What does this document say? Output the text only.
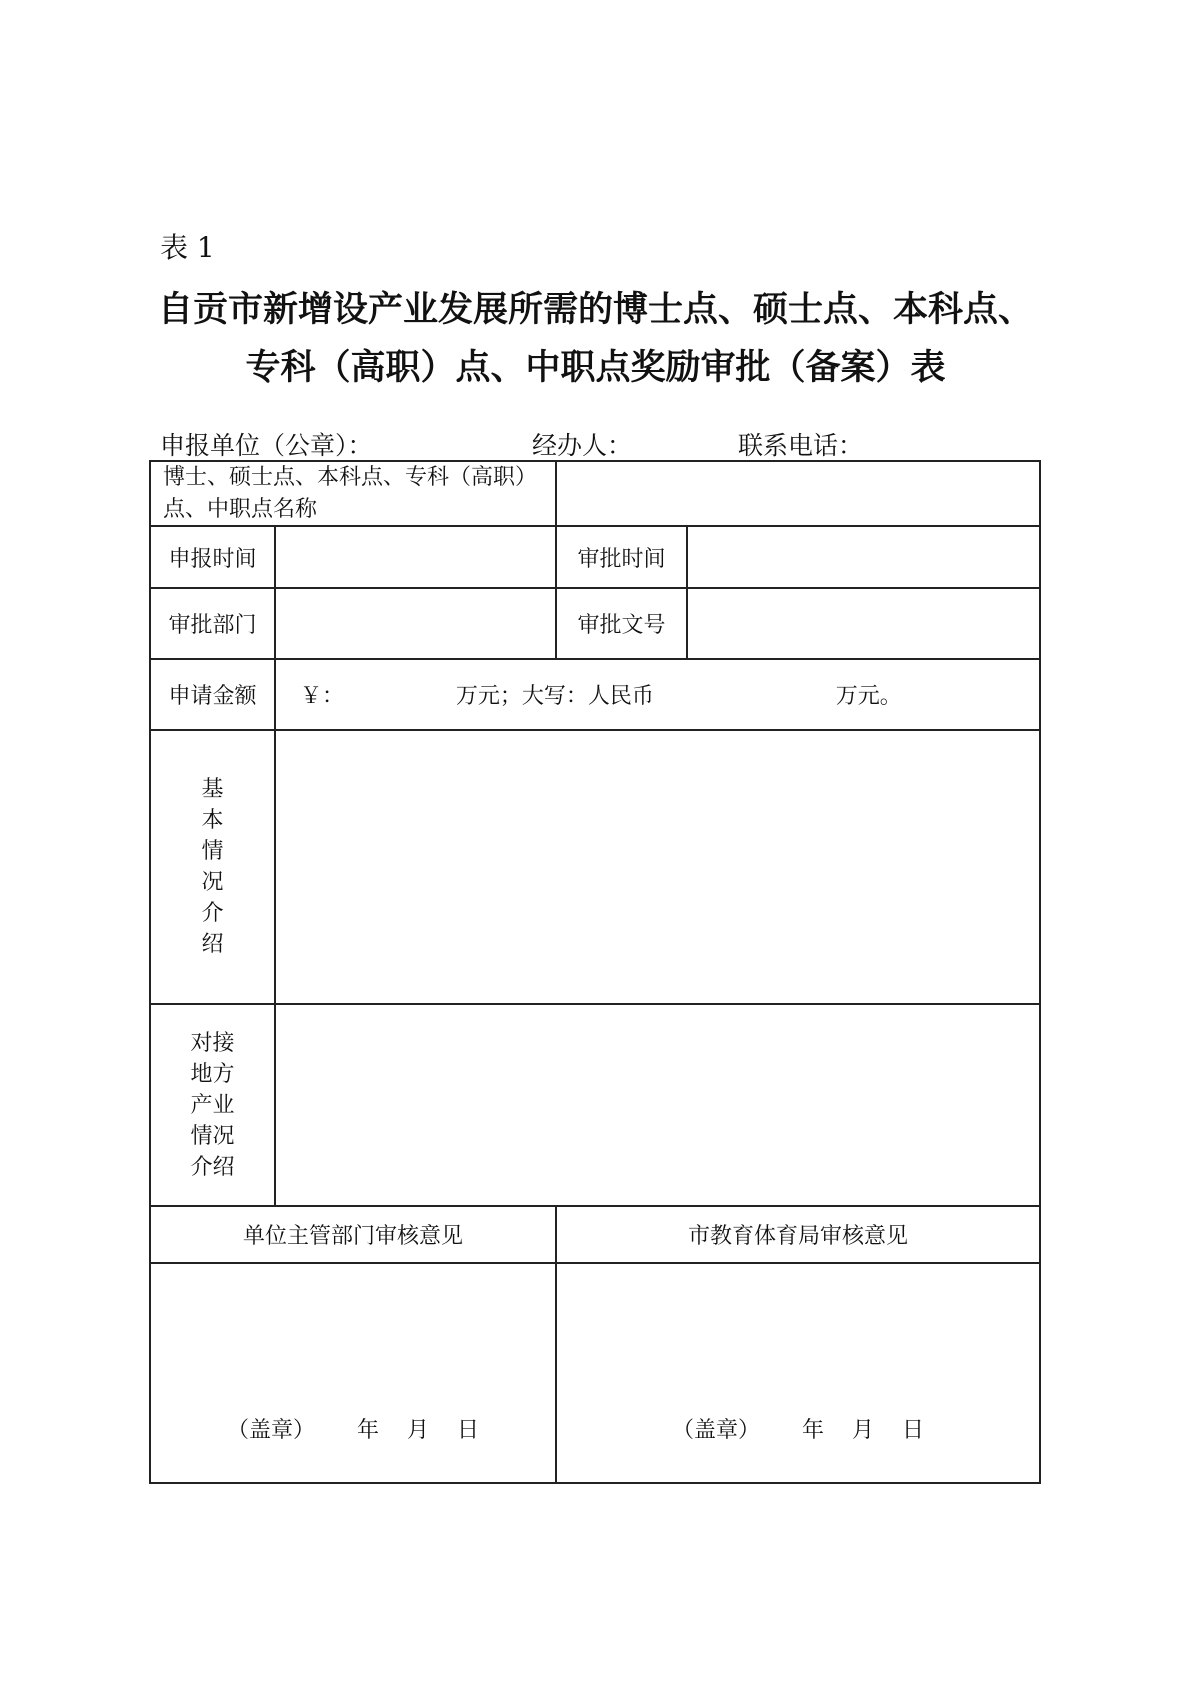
表 1
自贡市新增设产业发展所需的博士点、硕士点、本科点、
专科（高职）点、中职点奖励审批（备案）表
申报单位（公章）：	经办人：	联系电话：
博士、硕士点、本科点、专科（高职）点、中职点名称
申报时间	审批时间
审批部门	审批文号
申请金额	￥：                万元；大写：人民币                          万元。
基
本
情
况
介
绍
对接
地方
产业
情况
介绍
单位主管部门审核意见	市教育体育局审核意见
（盖章）      年    月    日	（盖章）      年    月    日
